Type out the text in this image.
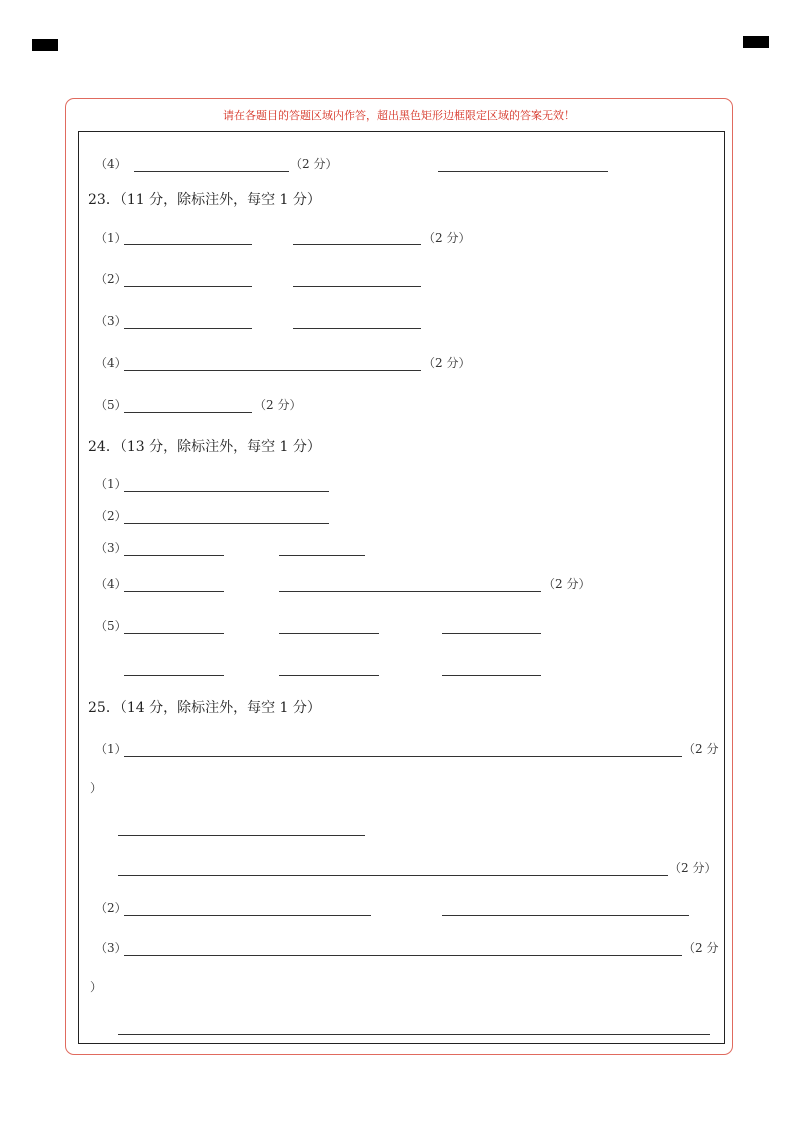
请在各题目的答题区域内作答，超出黑色矩形边框限定区域的答案无效！
（4）	（2 分）
23．（11 分，除标注外，每空 1 分）
（1）	（2 分）
（2）
（3）
（4）	（2 分）
（5）	（2 分）
24．（13 分，除标注外，每空 1 分）
（1）
（2）
（3）
（4）	（2 分）
（5）
25．（14 分，除标注外，每空 1 分）
（1）	（2 分
）
（2 分）
（2）
（3）	（2 分
）
